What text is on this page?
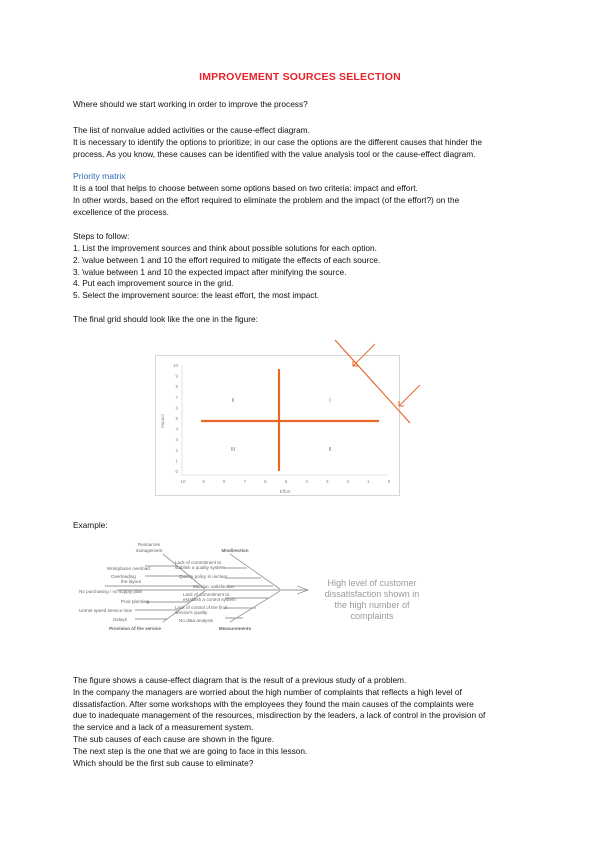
IMPROVEMENT SOURCES SELECTION
Where should we start working in order to improve the process?
The list of nonvalue added activities or the cause-effect diagram.
It is necessary to identify the options to prioritize; in our case the options are the different causes that hinder the
process. As you know, these causes can be identified with the value analysis tool or the cause-effect diagram.
Priority matrix
It is a tool that helps to choose between some options based on two criteria: impact and effort.
In other words, based on the effort required to eliminate the problem and the impact (of the effort?) on the
excellence of the process.
Steps to follow:
1. List the improvement sources and think about possible solutions for each option.
2. \value between 1 and 10 the effort required to mitigate the effects of each source.
3. \value between 1 and 10 the expected impact after minifying the source.
4. Put each improvement source in the grid.
5. Select the improvement source: the least effort, the most impact.
The final grid should look like the one in the figure:
10
9
8
7
6
5
4
3
2
1
0
10	9	8	7	6	5	4	3	2	1	0
Impact
Effort
II	I
III	II
Example:
Resources
management	Misdirection
Provision of the service	Measurements
Workplaces overload
Overloading
the layout
No purchasing / no supply plan
Lack of commitment to
stablish a quality system
Quality policy is unclear
Mission: satisfaction
Poor planning
Unmet speed service time
Delays
Lack of commitment to
establish a control system
Lack of control of the final
service's quality
No data analysis
High level of customer
dissatisfaction shown in
the high number of
complaints
The figure shows a cause-effect diagram that is the result of a previous study of a problem.
In the company the managers are worried about the high number of complaints that reflects a high level of
dissatisfaction. After some workshops with the employees they found the main causes of the complaints were
due to inadequate management of the resources, misdirection by the leaders, a lack of control in the provision of
the service and a lack of a measurement system.
The sub causes of each cause are shown in the figure.
The next step is the one that we are going to face in this lesson.
Which should be the first sub cause to eliminate?
